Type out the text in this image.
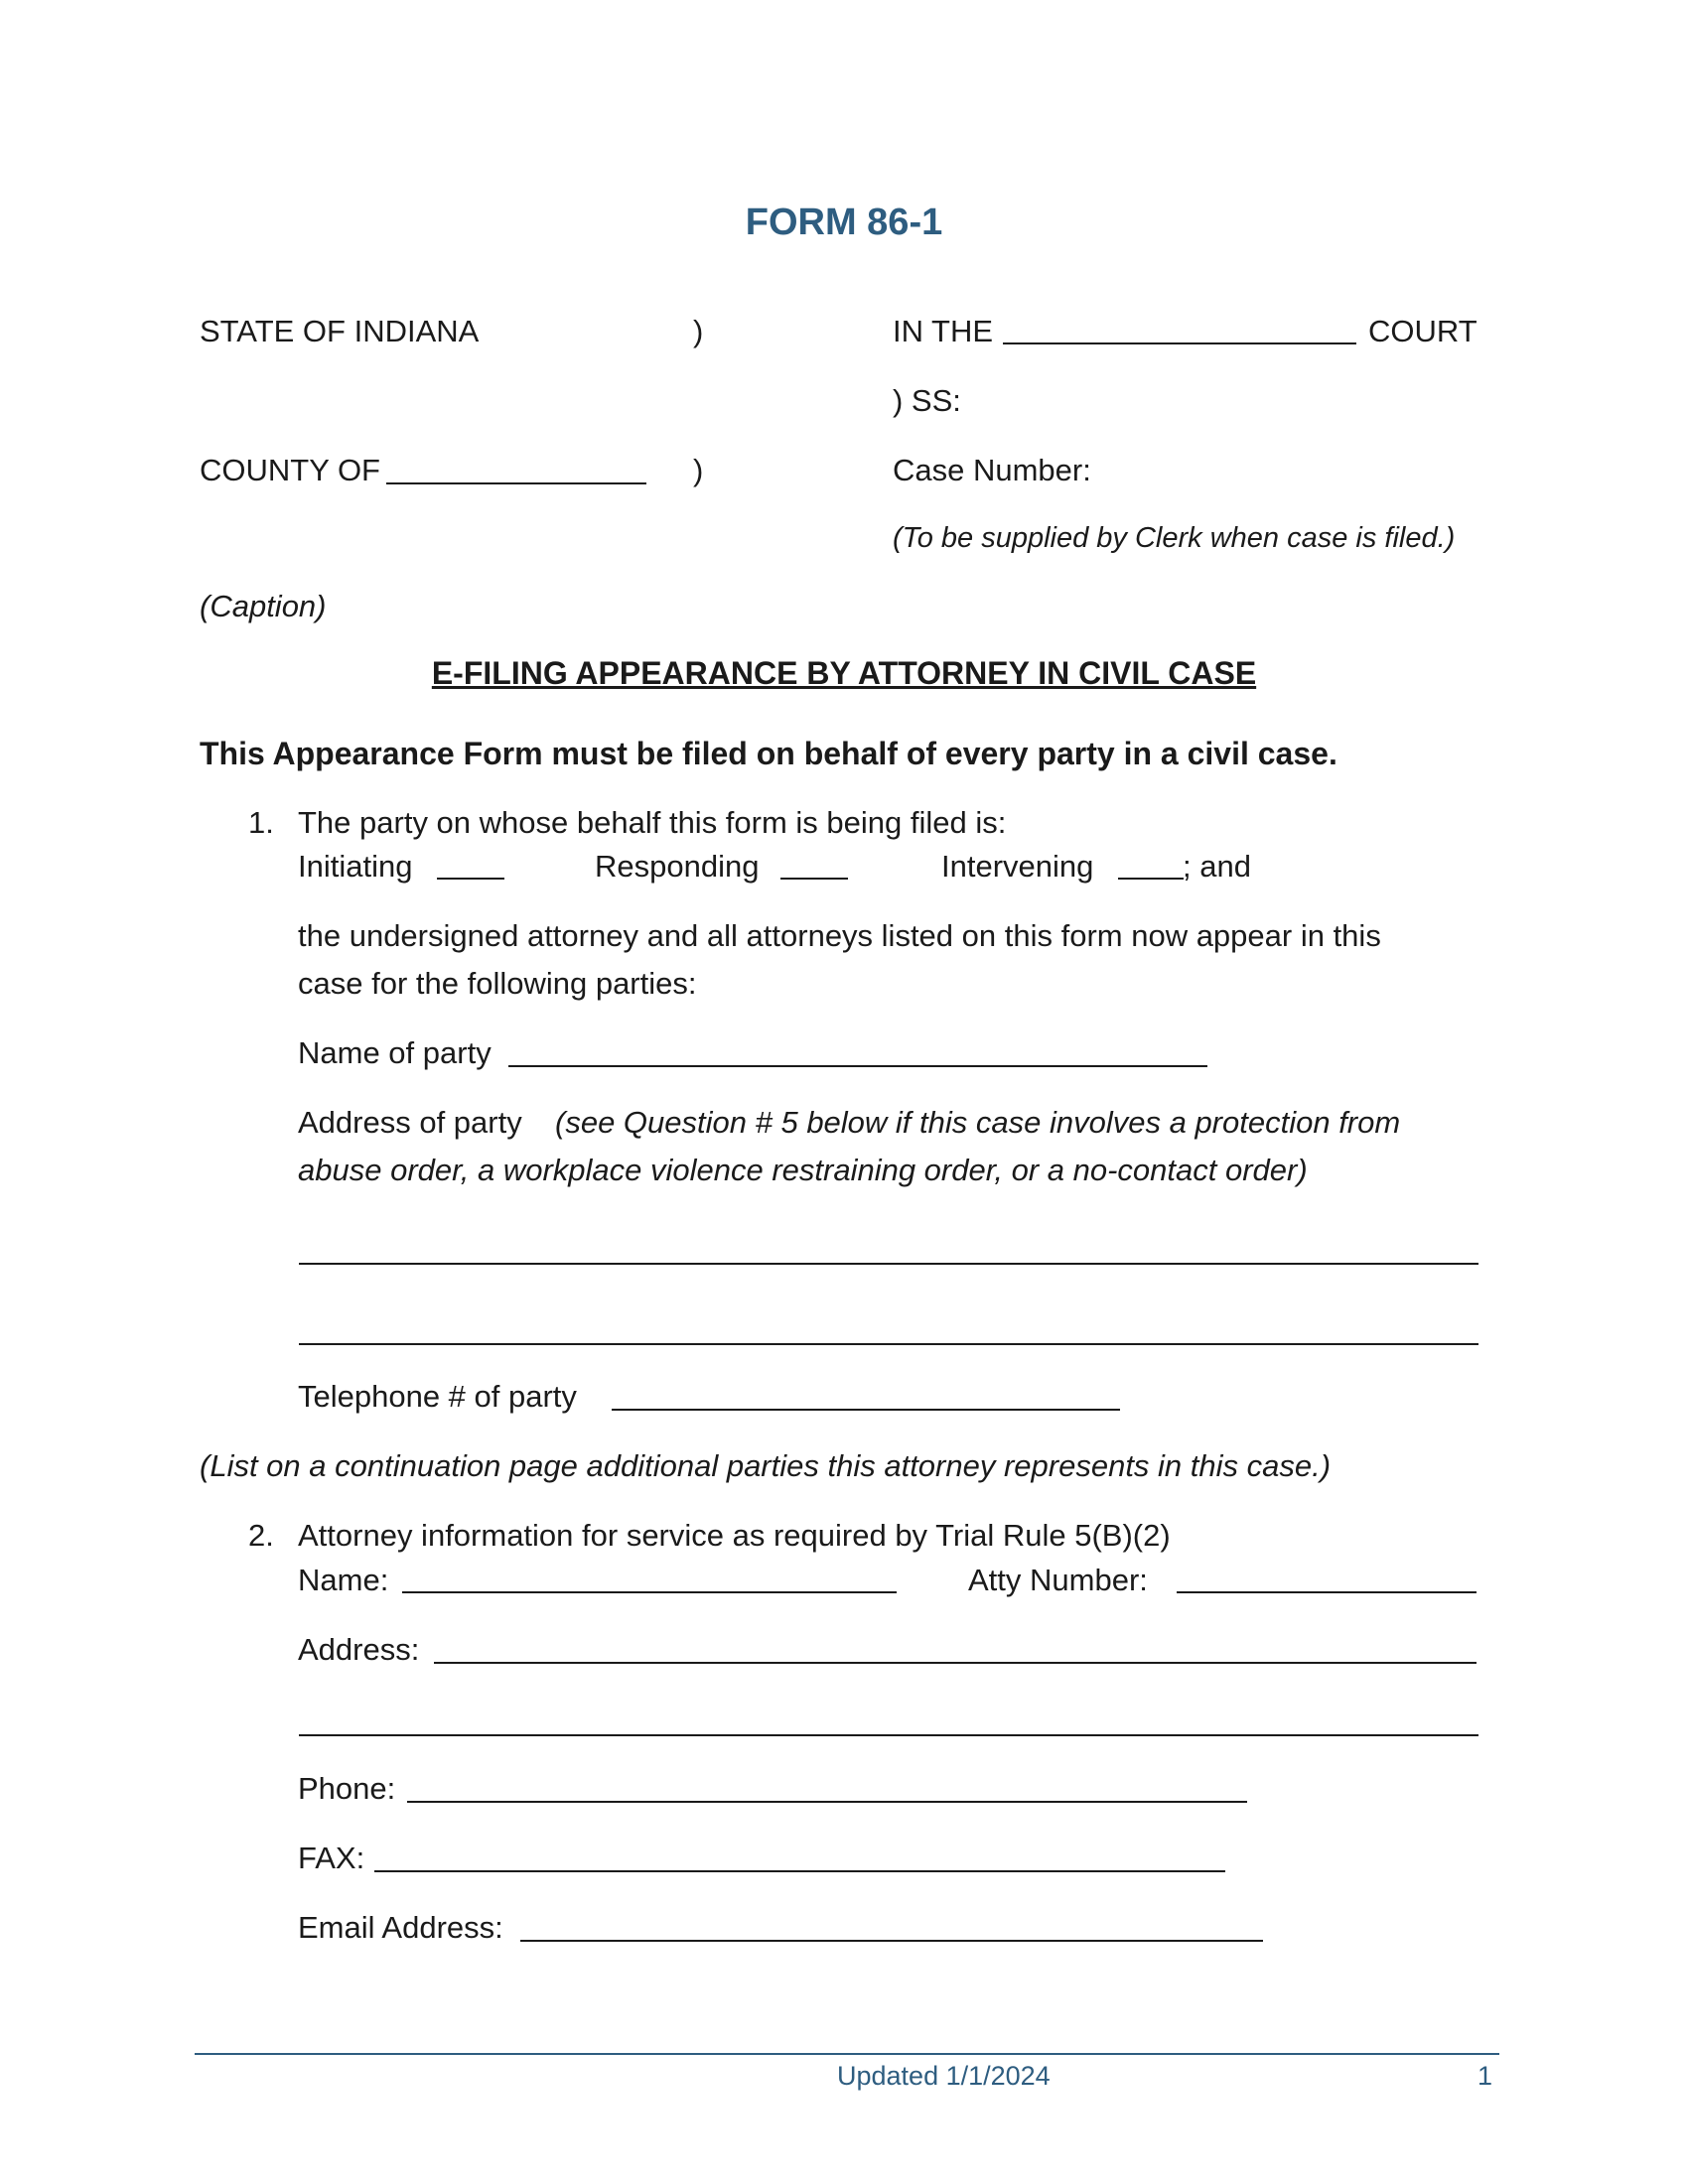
FORM 86-1
STATE OF INDIANA	)	IN THE	COURT
) SS:
COUNTY OF	)	Case Number:
(To be supplied by Clerk when case is filed.)
(Caption)
E-FILING APPEARANCE BY ATTORNEY IN CIVIL CASE
This Appearance Form must be filed on behalf of every party in a civil case.
1. The party on whose behalf this form is being filed is:
Initiating	Responding	Intervening	; and
the undersigned attorney and all attorneys listed on this form now appear in this
case for the following parties:
Name of party
Address of party (see Question # 5 below if this case involves a protection from
abuse order, a workplace violence restraining order, or a no-contact order)
Telephone # of party
(List on a continuation page additional parties this attorney represents in this case.)
2. Attorney information for service as required by Trial Rule 5(B)(2)
Name:	Atty Number:
Address:
Phone:
FAX:
Email Address:
Updated 1/1/2024	1
